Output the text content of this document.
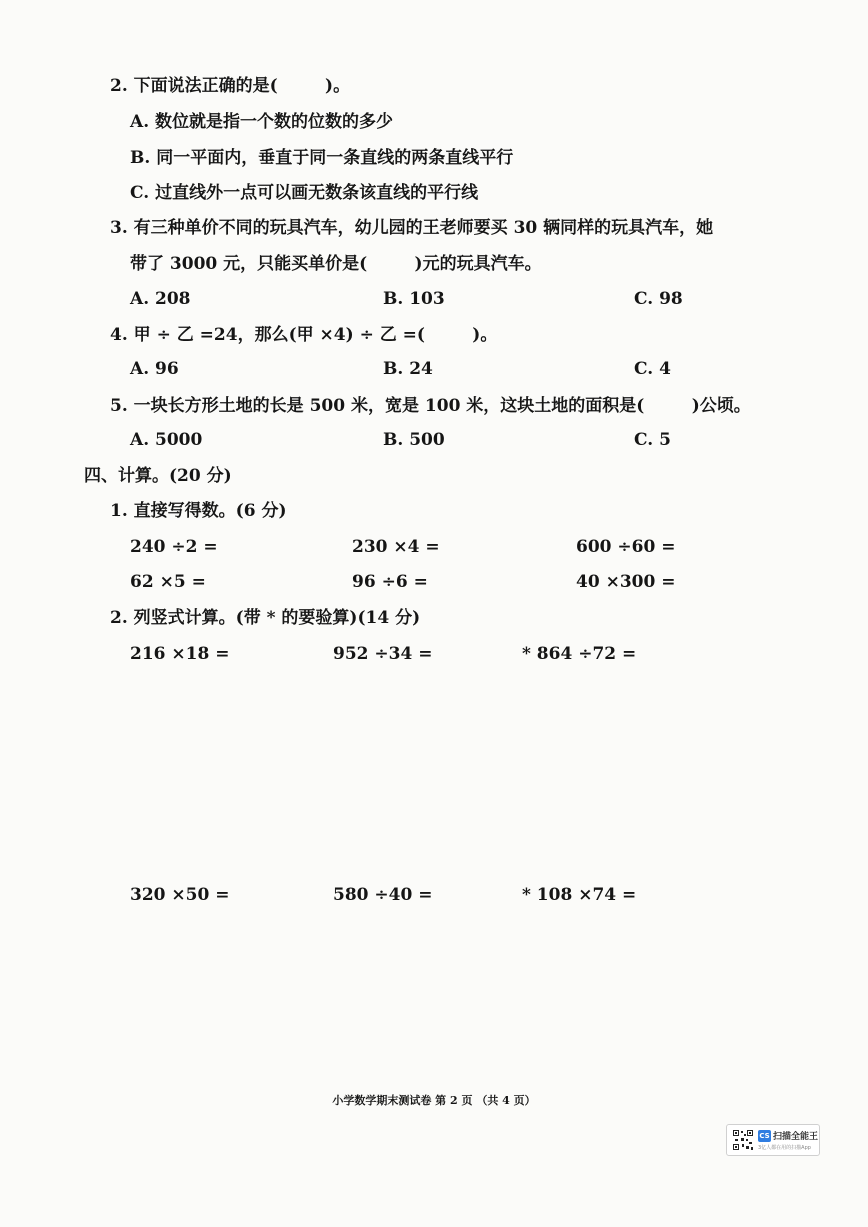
2. 下面说法正确的是(        )。
A. 数位就是指一个数的位数的多少
B. 同一平面内，垂直于同一条直线的两条直线平行
C. 过直线外一点可以画无数条该直线的平行线
3. 有三种单价不同的玩具汽车，幼儿园的王老师要买 30 辆同样的玩具汽车，她
带了 3000 元，只能买单价是(        )元的玩具汽车。
A. 208	B. 103	C. 98
4. 甲 ÷ 乙 =24，那么(甲 ×4) ÷ 乙 =(        )。
A. 96	B. 24	C. 4
5. 一块长方形土地的长是 500 米，宽是 100 米，这块土地的面积是(        )公顷。
A. 5000	B. 500	C. 5
四、计算。(20 分)
1. 直接写得数。(6 分)
240 ÷2 =	230 ×4 =	600 ÷60 =
62 ×5 =	96 ÷6 =	40 ×300 =
2. 列竖式计算。(带 * 的要验算)(14 分)
216 ×18 =	952 ÷34 =	* 864 ÷72 =
320 ×50 =	580 ÷40 =	* 108 ×74 =
小学数学期末测试卷 第 2 页 （共 4 页）
CS 扫描全能王
3亿人都在用的扫描App
